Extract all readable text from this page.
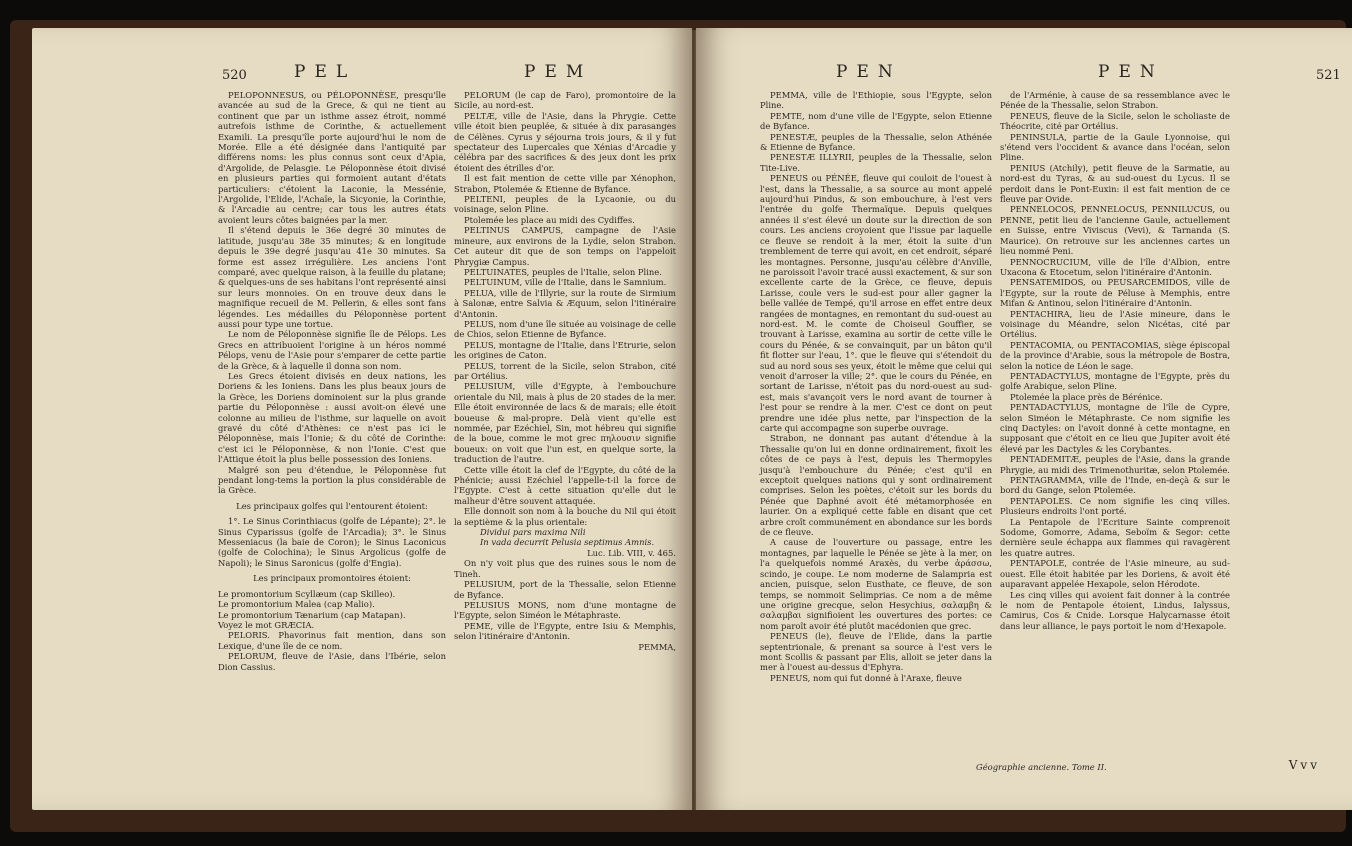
520	PEL	PEM

PELOPONNESUS, ou PÉLOPONNÈSE, presqu'île avancée au sud de la Grece, & qui ne tient au continent que par un isthme assez étroit, nommé autrefois isthme de Corinthe, & actuellement Examili. La presqu'île porte aujourd'hui le nom de Morée. Elle a été désignée dans l'antiquité par différens noms: les plus connus sont ceux d'Apia, d'Argolide, de Pelasgie. Le Péloponnèse étoit divisé en plusieurs parties qui formoient autant d'états particuliers: c'étoient la Laconie, la Messénie, l'Argolide, l'Elide, l'Achaïe, la Sicyonie, la Corinthie, & l'Arcadie au centre; car tous les autres états avoient leurs côtes baignées par la mer.

Il s'étend depuis le 36e degré 30 minutes de latitude, jusqu'au 38e 35 minutes; & en longitude depuis le 39e degré jusqu'au 41e 30 minutes. Sa forme est assez irrégulière. Les anciens l'ont comparé, avec quelque raison, à la feuille du platane; & quelques-uns de ses habitans l'ont représenté ainsi sur leurs monnoies. On en trouve deux dans le magnifique recueil de M. Pellerin, & elles sont fans légendes. Les médailles du Péloponnèse portent aussi pour type une tortue.

Le nom de Péloponnèse signifie île de Pélops. Les Grecs en attribuoient l'origine à un héros nommé Pélops, venu de l'Asie pour s'emparer de cette partie de la Grèce, & à laquelle il donna son nom.

Les Grecs étoient divisés en deux nations, les Doriens & les Ioniens. Dans les plus beaux jours de la Grèce, les Doriens dominoient sur la plus grande partie du Péloponnèse : aussi avoit-on élevé une colonne au milieu de l'isthme, sur laquelle on avoit gravé du côté d'Athènes: ce n'est pas ici le Péloponnèse, mais l'Ionie; & du côté de Corinthe: c'est ici le Péloponnèse, & non l'Ionie. C'est que l'Attique étoit la plus belle possession des Ioniens.

Malgré son peu d'étendue, le Péloponnèse fut pendant long-tems la portion la plus considérable de la Grèce.

Les principaux golfes qui l'entourent étoient:

1°. Le Sinus Corinthiacus (golfe de Lépante); 2°. le Sinus Cyparissus (golfe de l'Arcadia); 3°. le Sinus Messeniacus (la baie de Coron); le Sinus Laconicus (golfe de Colochina); le Sinus Argolicus (golfe de Napoli); le Sinus Saronicus (golfe d'Engia).

Les principaux promontoires étoient:

Le promontorium Scyllæum (cap Skilleo).

Le promontorium Malea (cap Malio).

Le promontorium Tænarium (cap Matapan).

Voyez le mot GRÆCIA.

PELORIS. Phavorinus fait mention, dans son Lexique, d'une île de ce nom.

PELORUM, fleuve de l'Asie, dans l'Ibérie, selon Dion Cassius.

PELORUM (le cap de Faro), promontoire de la Sicile, au nord-est.

PELTÆ, ville de l'Asie, dans la Phrygie. Cette ville étoit bien peuplée, & située à dix parasanges de Célènes. Cyrus y séjourna trois jours, & il y fut spectateur des Lupercales que Xénias d'Arcadie y célébra par des sacrifices & des jeux dont les prix étoient des étrilles d'or.

Il est fait mention de cette ville par Xénophon, Strabon, Ptolemée & Etienne de Byfance.

PELTENI, peuples de la Lycaonie, ou du voisinage, selon Pline.

Ptolemée les place au midi des Cydiffes.

PELTINUS CAMPUS, campagne de l'Asie mineure, aux environs de la Lydie, selon Strabon. Cet auteur dit que de son temps on l'appeloit Phrygiæ Campus.

PELTUINATES, peuples de l'Italie, selon Pline.

PELTUINUM, ville de l'Italie, dans le Samnium.

PELUA, ville de l'Illyrie, sur la route de Sirmium à Salonæ, entre Salvia & Æquum, selon l'itinéraire d'Antonin.

PELUS, nom d'une île située au voisinage de celle de Chios, selon Etienne de Byfance.

PELUS, montagne de l'Italie, dans l'Etrurie, selon les origines de Caton.

PELUS, torrent de la Sicile, selon Strabon, cité par Ortélius.

PELUSIUM, ville d'Egypte, à l'embouchure orientale du Nil, mais à plus de 20 stades de la mer. Elle étoit environnée de lacs & de marais; elle étoit boueuse & mal-propre. Delà vient qu'elle est nommée, par Ezéchiel, Sin, mot hébreu qui signifie de la boue, comme le mot grec πηλουσιν signifie boueux: on voit que l'un est, en quelque sorte, la traduction de l'autre.

Cette ville étoit la clef de l'Egypte, du côté de la Phénicie; aussi Ezéchiel l'appelle-t-il la force de l'Egypte. C'est à cette situation qu'elle dut le malheur d'être souvent attaquée.

Elle donnoit son nom à la bouche du Nil qui étoit la septième & la plus orientale:

Dividui pars maxima Nili

In vada decurrit Pelusia septimus Amnis.

Luc. Lib. VIII, v. 465.

On n'y voit plus que des ruines sous le nom de Tineh.

PELUSIUM, port de la Thessalie, selon Etienne de Byfance.

PELUSIUS MONS, nom d'une montagne de l'Egypte, selon Siméon le Métaphraste.

PEME, ville de l'Egypte, entre Isiu & Memphis, selon l'itinéraire d'Antonin.

PEMMA,

PEN	PEN	521

PEMMA, ville de l'Ethiopie, sous l'Egypte, selon Pline.

PEMTE, nom d'une ville de l'Egypte, selon Etienne de Byfance.

PENESTÆ, peuples de la Thessalie, selon Athénée & Etienne de Byfance.

PENESTÆ ILLYRII, peuples de la Thessalie, selon Tite-Live.

PENEUS ou PÉNÉE, fleuve qui couloit de l'ouest à l'est, dans la Thessalie, a sa source au mont appelé aujourd'hui Pindus, & son embouchure, à l'est vers l'entrée du golfe Thermaïque. Depuis quelques années il s'est élevé un doute sur la direction de son cours. Les anciens croyoient que l'issue par laquelle ce fleuve se rendoit à la mer, étoit la suite d'un tremblement de terre qui avoit, en cet endroit, séparé les montagnes. Personne, jusqu'au célèbre d'Anville, ne paroissoit l'avoir tracé aussi exactement, & sur son excellente carte de la Grèce, ce fleuve, depuis Larisse, coule vers le sud-est pour aller gagner la belle vallée de Tempé, qu'il arrose en effet entre deux rangées de montagnes, en remontant du sud-ouest au nord-est. M. le comte de Choiseul Gouffier, se trouvant à Larisse, examina au sortir de cette ville le cours du Pénée, & se convainquit, par un bâton qu'il fit flotter sur l'eau, 1°. que le fleuve qui s'étendoit du sud au nord sous ses yeux, étoit le même que celui qui venoit d'arroser la ville; 2°. que le cours du Pénée, en sortant de Larisse, n'étoit pas du nord-ouest au sud-est, mais s'avançoit vers le nord avant de tourner à l'est pour se rendre à la mer. C'est ce dont on peut prendre une idée plus nette, par l'inspection de la carte qui accompagne son superbe ouvrage.

Strabon, ne donnant pas autant d'étendue à la Thessalie qu'on lui en donne ordinairement, fixoit les côtes de ce pays à l'est, depuis les Thermopyles jusqu'à l'embouchure du Pénée; c'est qu'il en exceptoit quelques nations qui y sont ordinairement comprises. Selon les poètes, c'étoit sur les bords du Pénée que Daphné avoit été métamorphosée en laurier. On a expliqué cette fable en disant que cet arbre croît communément en abondance sur les bords de ce fleuve.

A cause de l'ouverture ou passage, entre les montagnes, par laquelle le Pénée se jète à la mer, on l'a quelquefois nommé Araxès, du verbe ἀράσσω, scindo, je coupe. Le nom moderne de Salampria est ancien, puisque, selon Eusthate, ce fleuve, de son temps, se nommoit Selimprias. Ce nom a de même une origine grecque, selon Hesychius, σαλαμβη & σαλαμβαι signifioient les ouvertures des portes: ce nom paroît avoir été plutôt macédonien que grec.

PENEUS (le), fleuve de l'Elide, dans la partie septentrionale, & prenant sa source à l'est vers le mont Scollis & passant par Elis, alloit se jeter dans la mer à l'ouest au-dessus d'Ephyra.

PENEUS, nom qui fut donné à l'Araxe, fleuve

de l'Arménie, à cause de sa ressemblance avec le Pénée de la Thessalie, selon Strabon.

PENEUS, fleuve de la Sicile, selon le scholiaste de Théocrite, cité par Ortélius.

PENINSULA, partie de la Gaule Lyonnoise, qui s'étend vers l'occident & avance dans l'océan, selon Pline.

PENIUS (Atchily), petit fleuve de la Sarmatie, au nord-est du Tyras, & au sud-ouest du Lycus. Il se perdoit dans le Pont-Euxin: il est fait mention de ce fleuve par Ovide.

PENNELOCOS, PENNELOCUS, PENNILUCUS, ou PENNE, petit lieu de l'ancienne Gaule, actuellement en Suisse, entre Viviscus (Vevi), & Tarnanda (S. Maurice). On retrouve sur les anciennes cartes un lieu nommé Peni.

PENNOCRUCIUM, ville de l'île d'Albion, entre Uxacona & Etocetum, selon l'itinéraire d'Antonin.

PENSATEMIDOS, ou PEUSARCEMIDOS, ville de l'Egypte, sur la route de Péluse à Memphis, entre Mifan & Antinou, selon l'itinéraire d'Antonin.

PENTACHIRA, lieu de l'Asie mineure, dans le voisinage du Méandre, selon Nicétas, cité par Ortélius.

PENTACOMIA, ou PENTACOMIAS, siège épiscopal de la province d'Arabie, sous la métropole de Bostra, selon la notice de Léon le sage.

PENTADACTYLUS, montagne de l'Egypte, près du golfe Arabique, selon Pline.

Ptolemée la place près de Bérénice.

PENTADACTYLUS, montagne de l'île de Cypre, selon Siméon le Métaphraste. Ce nom signifie les cinq Dactyles: on l'avoit donné à cette montagne, en supposant que c'étoit en ce lieu que Jupiter avoit été élevé par les Dactyles & les Corybantes.

PENTADEMITÆ, peuples de l'Asie, dans la grande Phrygie, au midi des Trimenothuritæ, selon Ptolemée.

PENTAGRAMMA, ville de l'Inde, en-deçà & sur le bord du Gange, selon Ptolemée.

PENTAPOLES. Ce nom signifie les cinq villes. Plusieurs endroits l'ont porté.

La Pentapole de l'Ecriture Sainte comprenoit Sodome, Gomorre, Adama, Seboïm & Segor: cette dernière seule échappa aux flammes qui ravagèrent les quatre autres.

PENTAPOLE, contrée de l'Asie mineure, au sud-ouest. Elle étoit habitée par les Doriens, & avoit été auparavant appelée Hexapole, selon Hérodote.

Les cinq villes qui avoient fait donner à la contrée le nom de Pentapole étoient, Lindus, Ialyssus, Camirus, Cos & Cnide. Lorsque Halycarnasse étoit dans leur alliance, le pays portoit le nom d'Hexapole.

Géographie ancienne. Tome II.	Vvv
